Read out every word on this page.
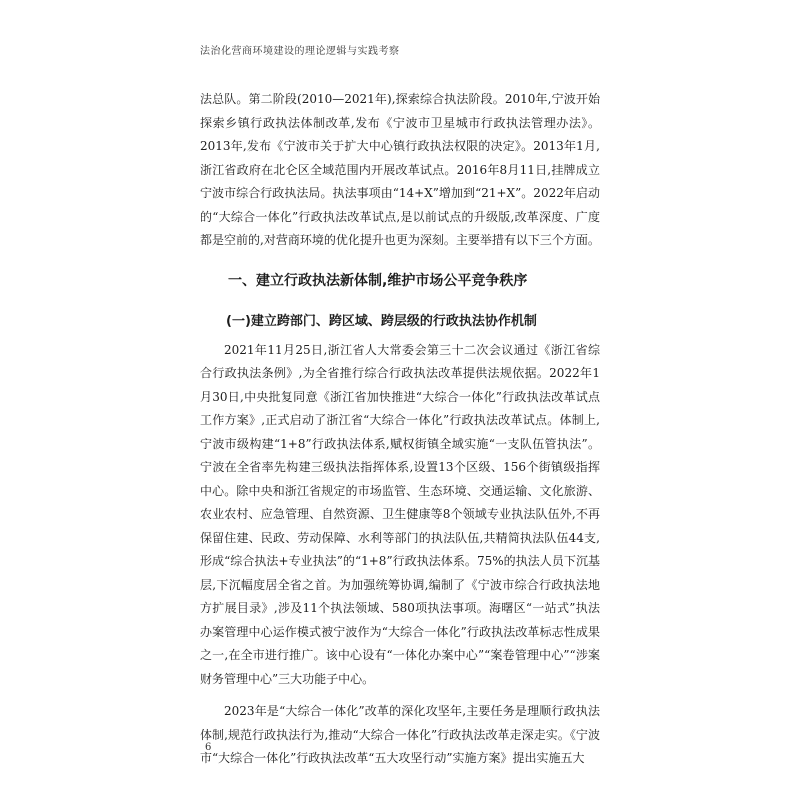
法治化营商环境建设的理论逻辑与实践考察

法总队。第二阶段(2010—2021年),探索综合执法阶段。2010年,宁波开始探索乡镇行政执法体制改革,发布《宁波市卫星城市行政执法管理办法》。2013年,发布《宁波市关于扩大中心镇行政执法权限的决定》。2013年1月,浙江省政府在北仑区全域范围内开展改革试点。2016年8月11日,挂牌成立宁波市综合行政执法局。执法事项由“14+X”增加到“21+X”。2022年启动的“大综合一体化”行政执法改革试点,是以前试点的升级版,改革深度、广度都是空前的,对营商环境的优化提升也更为深刻。主要举措有以下三个方面。

一、建立行政执法新体制,维护市场公平竞争秩序
(一)建立跨部门、跨区域、跨层级的行政执法协作机制

2021年11月25日,浙江省人大常委会第三十二次会议通过《浙江省综合行政执法条例》,为全省推行综合行政执法改革提供法规依据。2022年1月30日,中央批复同意《浙江省加快推进“大综合一体化”行政执法改革试点工作方案》,正式启动了浙江省“大综合一体化”行政执法改革试点。体制上,宁波市级构建“1+8”行政执法体系,赋权街镇全域实施“一支队伍管执法”。宁波在全省率先构建三级执法指挥体系,设置13个区级、156个街镇级指挥中心。除中央和浙江省规定的市场监管、生态环境、交通运输、文化旅游、农业农村、应急管理、自然资源、卫生健康等8个领域专业执法队伍外,不再保留住建、民政、劳动保障、水利等部门的执法队伍,共精简执法队伍44支,形成“综合执法+专业执法”的“1+8”行政执法体系。75%的执法人员下沉基层,下沉幅度居全省之首。为加强统筹协调,编制了《宁波市综合行政执法地方扩展目录》,涉及11个执法领域、580项执法事项。海曙区“一站式”执法办案管理中心运作模式被宁波作为“大综合一体化”行政执法改革标志性成果之一,在全市进行推广。该中心设有“一体化办案中心”“案卷管理中心”“涉案财务管理中心”三大功能子中心。

2023年是“大综合一体化”改革的深化攻坚年,主要任务是理顺行政执法体制,规范行政执法行为,推动“大综合一体化”行政执法改革走深走实。《宁波市“大综合一体化”行政执法改革“五大攻坚行动”实施方案》提出实施五大

6
